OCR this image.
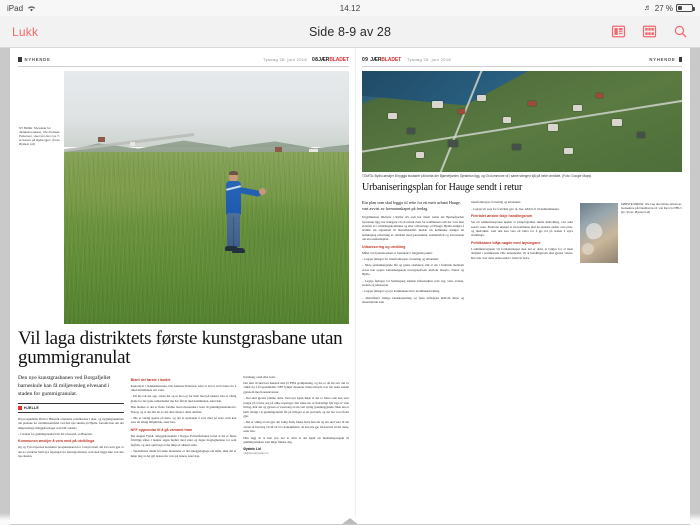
iPad	14.12	♬ 27 %
Lukk	Side 8-9 av 28
NYHENDE	Tysdag 26. juni 2018 08 JÆRBLADET
NY BANE: Styreleiar for Jadakameratane, Ole Andreas Pettersen, viser kor den nye 7-ar-banen på Hjelle igjen. (Foto: Øystein Lid)
Vil laga distriktets første kunstgrasbane utan gummigranulat
Den nye kunstgrasbanen ved Borgafjellet barneskule kan få miljøvenleg elvesand i staden for gummigranulat.
HJELLE

Då prosjektleiar Halvor Hanevik orienterte politikarane i plan- og bygningsnemnda om planane for utomhusområdet ved den nye skulen på Hjelle, fortalde han om det miljøvenlege tilleggsforslaget som blir vurdert.

– I staden for gummigranulat blir det elvesand, sa Hanevik.

Kommunen ønskjer å vera med på utviklinga

Og og Tysværposten kontaktar prosjektleiaren for å høyra meir om kva som gjer at dei no vurderer heilt nye løysingar for kunstgrasbanen, som skal liggja like ved den nye skulen.

Blant dei første i landet

Kjøretøyet i Jadakameratane, Ole Andreas Pettersen, seier at dei er svært klare for å smed kommunen sitt valet.

– Då me tok det opp, visste det og ut mot og var heilt med på tanken. Det er viktig glade for det gode samarbeidet me har fått til med kommunen, seier han.

Han meiner at dei er fleire forldke land elvesanden i løtet til gummigranulatkorn i Noreg, og at dei blir eit av dei aller første i dette område.

– Me er veldig spente på dette, og det er spanande å vera med på noko som kan vera eit viktig miljøtiltak, seier han.

NFF oppmodar til å gå varsamt fram

Det August Fjeldt, anleggskonsulent i Norges Fotballforbund, fortel at det er fleire frivillige såtter i hennar eigen fagfelt med valet og dagar moglegheitane for som fagfolk, og anar sjølvsagt at det ikkje er sikkert enda.

– Spesialisten tiltakt frå ulike materialer er dei anleggsfaglege ein måte, men det er ikkje ting at det går nokon før vera på banen, seier han.

Kynhaug, sand eller korn.

Det skal til skrevast hausten skal få FIFA godkjenning, og det er då ein stor del av vilkår for å få spelemidlar. NFF fylkjer dessutan vidare tilbydt over tid, noko sandet gjennom med konsekvensar.

– Det skal gjerast jamme deira. Den nye kjem ikkje at det er fleire som kan vere prøgar på å feira seg på ulike løysingar. Det same mo er fleirtaltigt fylt laga er vatn tilslag, mår det og gjerast er vasstrong at ein vert nydig grunnleggjande. Men ein er heilt viktigt i at gummigranulat får på tilbypet er eit problem, og det har vore fleire gjer.

– Det er viktig at ein gjer det vekig fram, fekke beire han sin og ein skal vera til det avtale så fast ting vil då vil å to kontaktfeltet, alt kan me gjo stå kontrol til det dette, seier han.

Han lagg til at han tror det er slått at det kjem eit medlemsprosjekt til gummigranulata som ikkje finnast dag.

Øystein Lid
oli@tysvarposten.no
09 JÆRBLADET Tysdag 26. juni 2018	NYHENDE
TOMTA: Bydlu ønskjer å byggja bustader på tomta der Bjørnefjorden Gjestetun ligg, og Os kommune vil i same slengen sjå på heile området. (Foto: Google Maps)
Urbaniseringsplan for Hauge sendt i retur
Ein plan som skal leggja til rette for eit meir urbant Hauge, vart avvist av formannskapet på fredag.

Utgjelmennet tilknytte i Rylfer AS som har tilsett tomta der Bjørnefjorden Gjestetun ligg, har tidlegare vil eit urbant meir for kommunen som der vore ekst skrantat av i utviklingskommune og eller omverrings- på Hauge. Bydlu ønskjer å utvikle sin eigendom til bustadføremål, medan Os kommune ønskjer eit heilskapleg utforming av området med gatestruktur, kollektivfelt og nærasrnede om ein sentrumsplan.

Urbanisering og utvikling

Måtet verd planleverkeit er formaleirt i følgjande punkt:

– Legaja føringar for transformasjon, fortetting og urbanisert.

– Sikre samanhengande blå og grøne strukturar slik at ein i framtida melleom avsaa kan oppna samanhengande turvegsnettverk mellom Osøyro, Nøren og Hjelle.

– Legaja føringar for heilskapleg teknisk infrastruktur som veg, vatn, avlaup, straum og telenasjon.

– Legaja føringar og nye kommunale krav utomhusutforming.

– Identifisera viktige landskapsrelieg og fjern samspelet mellom desse og materialbruk som

transformasjon, fortetting og urbanisert.

– Legaja vil vera for å utvikla gav, tå, bsu. AM m.fl. til kulturelhennet.

Fleirtalet ønskte ikkje handlingsrom

Ser eit administrasjonen ønskte at planprogramet skulle mellomleg, vart saka sendt i retur. Fleirtalet ønskjer at Os kommune skal ha sterkare andlar over plan- og medviktet, som den kan vera eit bidra for å gje tid på staden å styra utviklinga.

Politikarane blåja nøgde med løysingane

I administrasjonen vil formannskapet skal det er deira at fylkjar for at mest dalpåtel i politikarane ville unnarbeidd, vil at handlingsrom skal gjerast vidare. Det nok over dette siden under i behovet deira.

FØRSTE REKKE: Ole Lag den første skissa av bustadene på hotelltomta vil, vist fram for PBU i fjor. (Foto: Øystein Lid)
